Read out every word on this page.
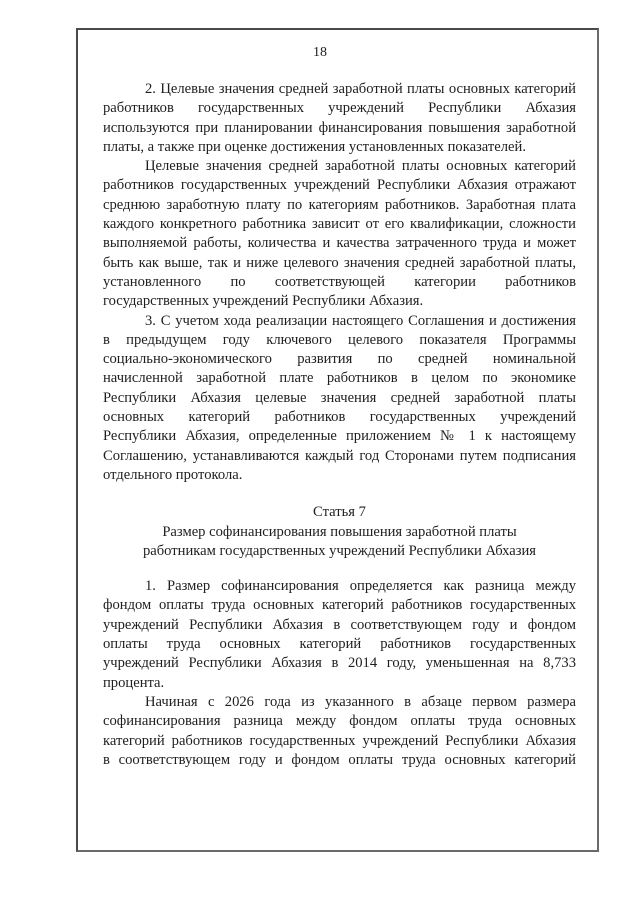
18
2. Целевые значения средней заработной платы основных категорий
работников государственных учреждений Республики Абхазия
используются при планировании финансирования повышения заработной
платы, а также при оценке достижения установленных показателей.
Целевые значения средней заработной платы основных категорий
работников государственных учреждений Республики Абхазия отражают
среднюю заработную плату по категориям работников. Заработная плата
каждого конкретного работника зависит от его квалификации, сложности
выполняемой работы, количества и качества затраченного труда и может
быть как выше, так и ниже целевого значения средней заработной платы,
установленного по соответствующей категории работников
государственных учреждений Республики Абхазия.
3. С учетом хода реализации настоящего Соглашения и достижения
в предыдущем году ключевого целевого показателя Программы
социально-экономического развития по средней номинальной
начисленной заработной плате работников в целом по экономике
Республики Абхазия целевые значения средней заработной платы
основных категорий работников государственных учреждений
Республики Абхазия, определенные приложением № 1 к настоящему
Соглашению, устанавливаются каждый год Сторонами путем подписания
отдельного протокола.
Статья 7
Размер софинансирования повышения заработной платы
работникам государственных учреждений Республики Абхазия
1. Размер софинансирования определяется как разница между
фондом оплаты труда основных категорий работников государственных
учреждений Республики Абхазия в соответствующем году и фондом
оплаты труда основных категорий работников государственных
учреждений Республики Абхазия в 2014 году, уменьшенная на 8,733
процента.
Начиная с 2026 года из указанного в абзаце первом размера
софинансирования разница между фондом оплаты труда основных
категорий работников государственных учреждений Республики Абхазия
в соответствующем году и фондом оплаты труда основных категорий
